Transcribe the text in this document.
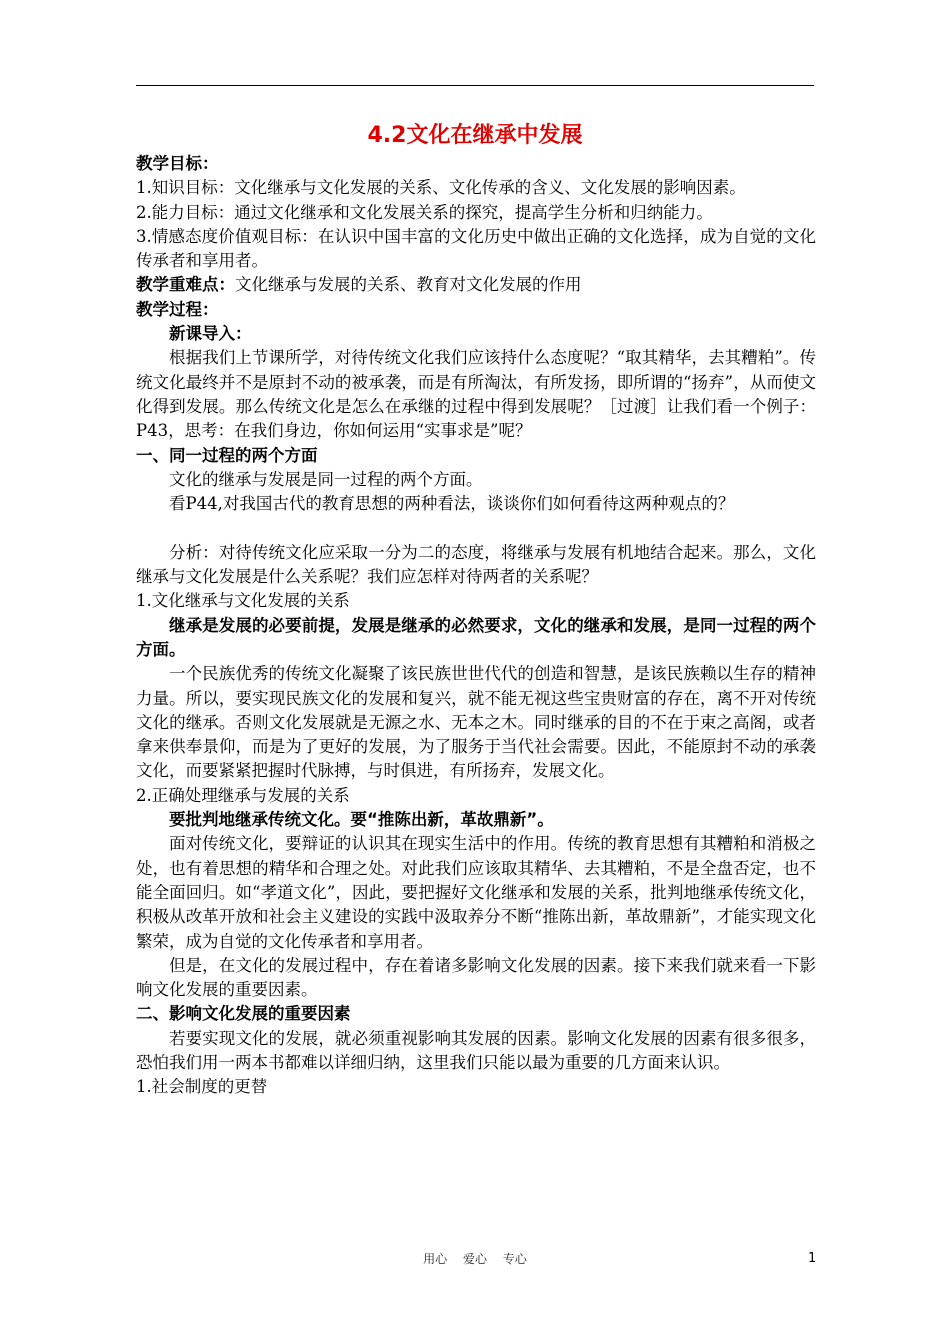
4.2文化在继承中发展

教学目标：

1.知识目标：文化继承与文化发展的关系、文化传承的含义、文化发展的影响因素。

2.能力目标：通过文化继承和文化发展关系的探究，提高学生分析和归纳能力。

3.情感态度价值观目标：在认识中国丰富的文化历史中做出正确的文化选择，成为自觉的文化传承者和享用者。

教学重难点：文化继承与发展的关系、教育对文化发展的作用

教学过程：

新课导入：

根据我们上节课所学，对待传统文化我们应该持什么态度呢？“取其精华，去其糟粕”。传统文化最终并不是原封不动的被承袭，而是有所淘汰，有所发扬，即所谓的“扬弃”，从而使文化得到发展。那么传统文化是怎么在承继的过程中得到发展呢？［过渡］让我们看一个例子：P43，思考：在我们身边，你如何运用“实事求是”呢？

一、同一过程的两个方面

文化的继承与发展是同一过程的两个方面。

看P44,对我国古代的教育思想的两种看法，谈谈你们如何看待这两种观点的？

分析：对待传统文化应采取一分为二的态度，将继承与发展有机地结合起来。那么，文化继承与文化发展是什么关系呢？我们应怎样对待两者的关系呢？

1.文化继承与文化发展的关系

继承是发展的必要前提，发展是继承的必然要求，文化的继承和发展，是同一过程的两个方面。

一个民族优秀的传统文化凝聚了该民族世世代代的创造和智慧，是该民族赖以生存的精神力量。所以，要实现民族文化的发展和复兴，就不能无视这些宝贵财富的存在，离不开对传统文化的继承。否则文化发展就是无源之水、无本之木。同时继承的目的不在于束之高阁，或者拿来供奉景仰，而是为了更好的发展，为了服务于当代社会需要。因此，不能原封不动的承袭文化，而要紧紧把握时代脉搏，与时俱进，有所扬弃，发展文化。

2.正确处理继承与发展的关系

要批判地继承传统文化。要“推陈出新，革故鼎新”。

面对传统文化，要辩证的认识其在现实生活中的作用。传统的教育思想有其糟粕和消极之处，也有着思想的精华和合理之处。对此我们应该取其精华、去其糟粕，不是全盘否定，也不能全面回归。如“孝道文化”，因此，要把握好文化继承和发展的关系，批判地继承传统文化，积极从改革开放和社会主义建设的实践中汲取养分不断“推陈出新，革故鼎新”，才能实现文化繁荣，成为自觉的文化传承者和享用者。

但是，在文化的发展过程中，存在着诸多影响文化发展的因素。接下来我们就来看一下影响文化发展的重要因素。

二、影响文化发展的重要因素

若要实现文化的发展，就必须重视影响其发展的因素。影响文化发展的因素有很多很多，恐怕我们用一两本书都难以详细归纳，这里我们只能以最为重要的几方面来认识。

1.社会制度的更替

用心 爱心 专心	1
